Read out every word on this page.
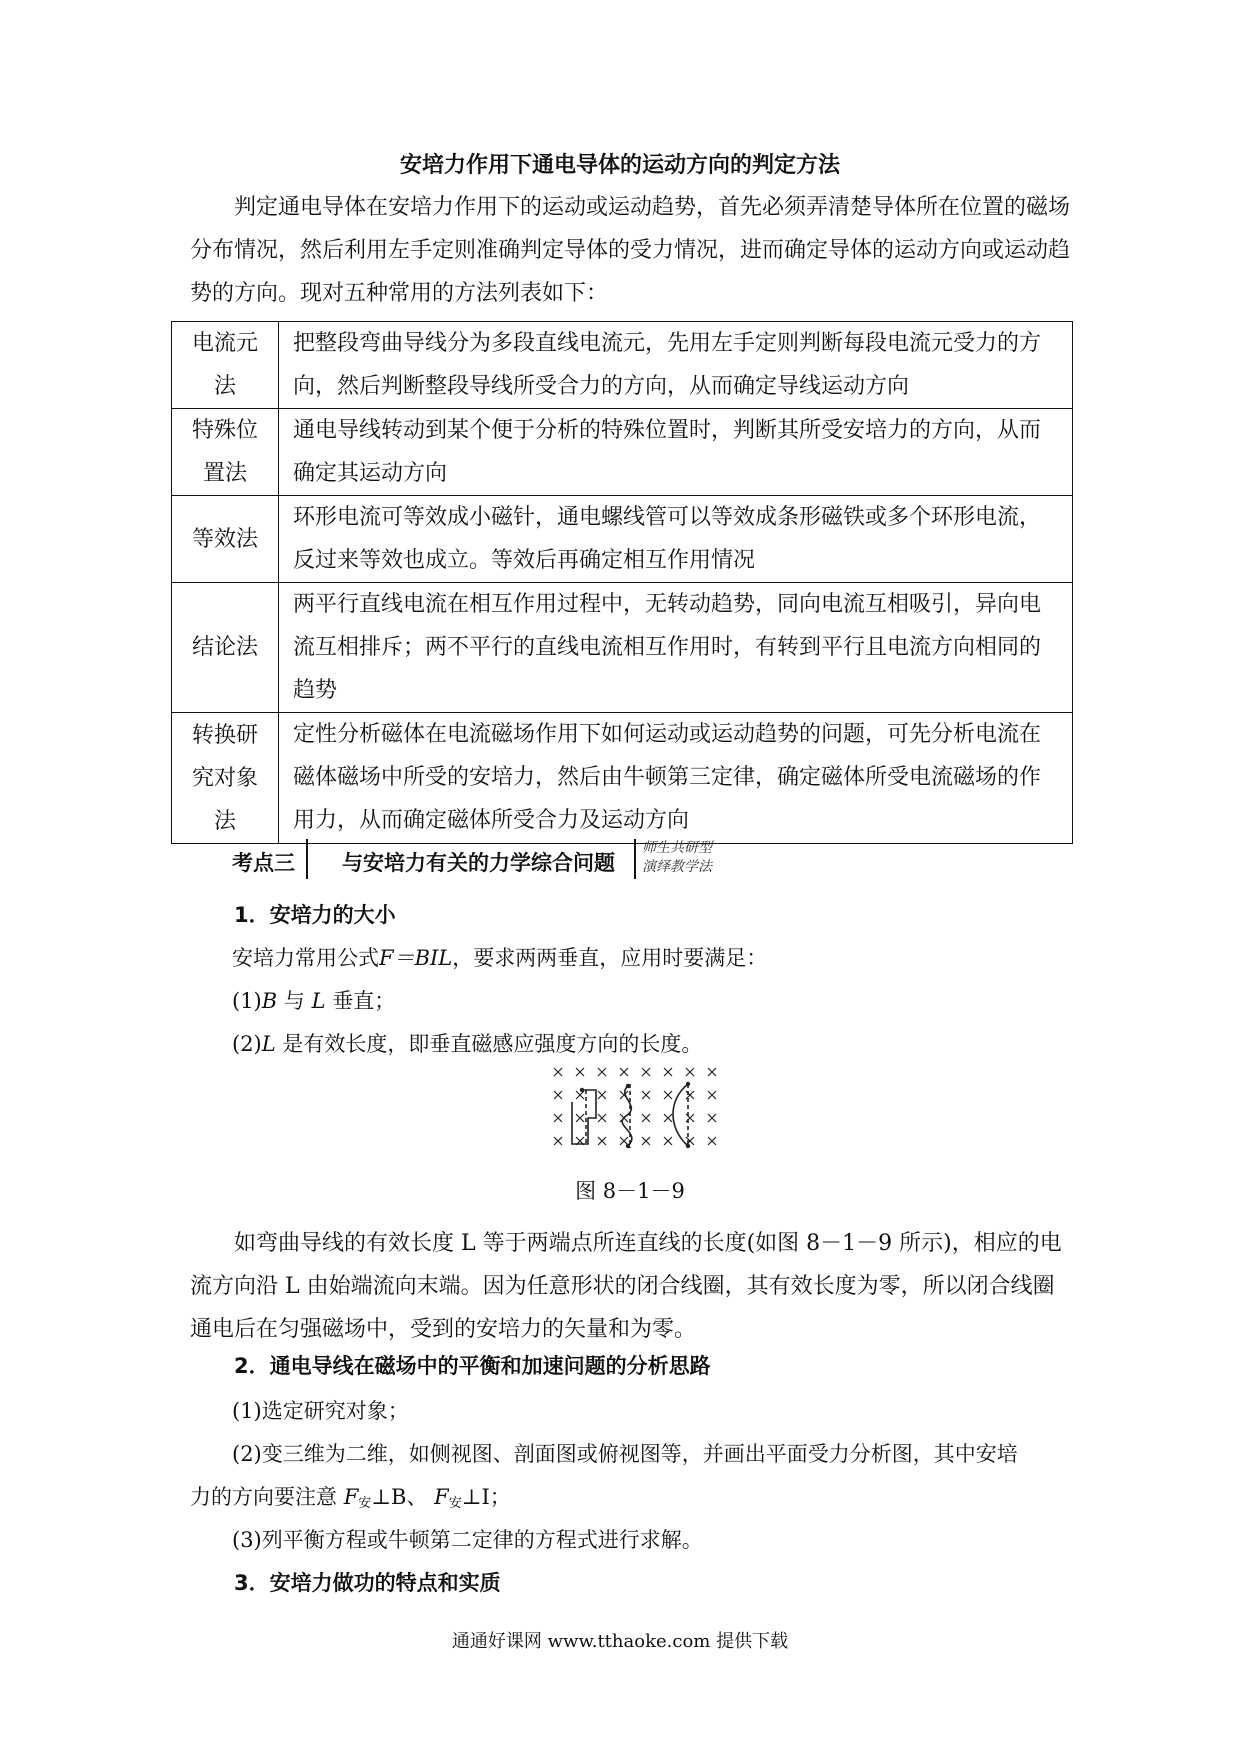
安培力作用下通电导体的运动方向的判定方法
判定通电导体在安培力作用下的运动或运动趋势，首先必须弄清楚导体所在位置的磁场分布情况，然后利用左手定则准确判定导体的受力情况，进而确定导体的运动方向或运动趋势的方向。现对五种常用的方法列表如下：
电流元法	把整段弯曲导线分为多段直线电流元，先用左手定则判断每段电流元受力的方向，然后判断整段导线所受合力的方向，从而确定导线运动方向
特殊位置法	通电导线转动到某个便于分析的特殊位置时，判断其所受安培力的方向，从而确定其运动方向
等效法	环形电流可等效成小磁针，通电螺线管可以等效成条形磁铁或多个环形电流，反过来等效也成立。等效后再确定相互作用情况
结论法	两平行直线电流在相互作用过程中，无转动趋势，同向电流互相吸引，异向电流互相排斥；两不平行的直线电流相互作用时，有转到平行且电流方向相同的趋势
转换研究对象法	定性分析磁体在电流磁场作用下如何运动或运动趋势的问题，可先分析电流在磁体磁场中所受的安培力，然后由牛顿第三定律，确定磁体所受电流磁场的作用力，从而确定磁体所受合力及运动方向
考点三 与安培力有关的力学综合问题
师生共研型
演绎教学法
1．安培力的大小
安培力常用公式F＝BIL，要求两两垂直，应用时要满足：
(1)B 与 L 垂直；
(2)L 是有效长度，即垂直磁感应强度方向的长度。
图 8－1－9
如弯曲导线的有效长度 L 等于两端点所连直线的长度(如图 8－1－9 所示)，相应的电流方向沿 L 由始端流向末端。因为任意形状的闭合线圈，其有效长度为零，所以闭合线圈通电后在匀强磁场中，受到的安培力的矢量和为零。
2．通电导线在磁场中的平衡和加速问题的分析思路
(1)选定研究对象；
(2)变三维为二维，如侧视图、剖面图或俯视图等，并画出平面受力分析图，其中安培
力的方向要注意 $F_安\perp B$、 $F_安\perp I$；
(3)列平衡方程或牛顿第二定律的方程式进行求解。
3．安培力做功的特点和实质
通通好课网 www.tthaoke.com 提供下载
